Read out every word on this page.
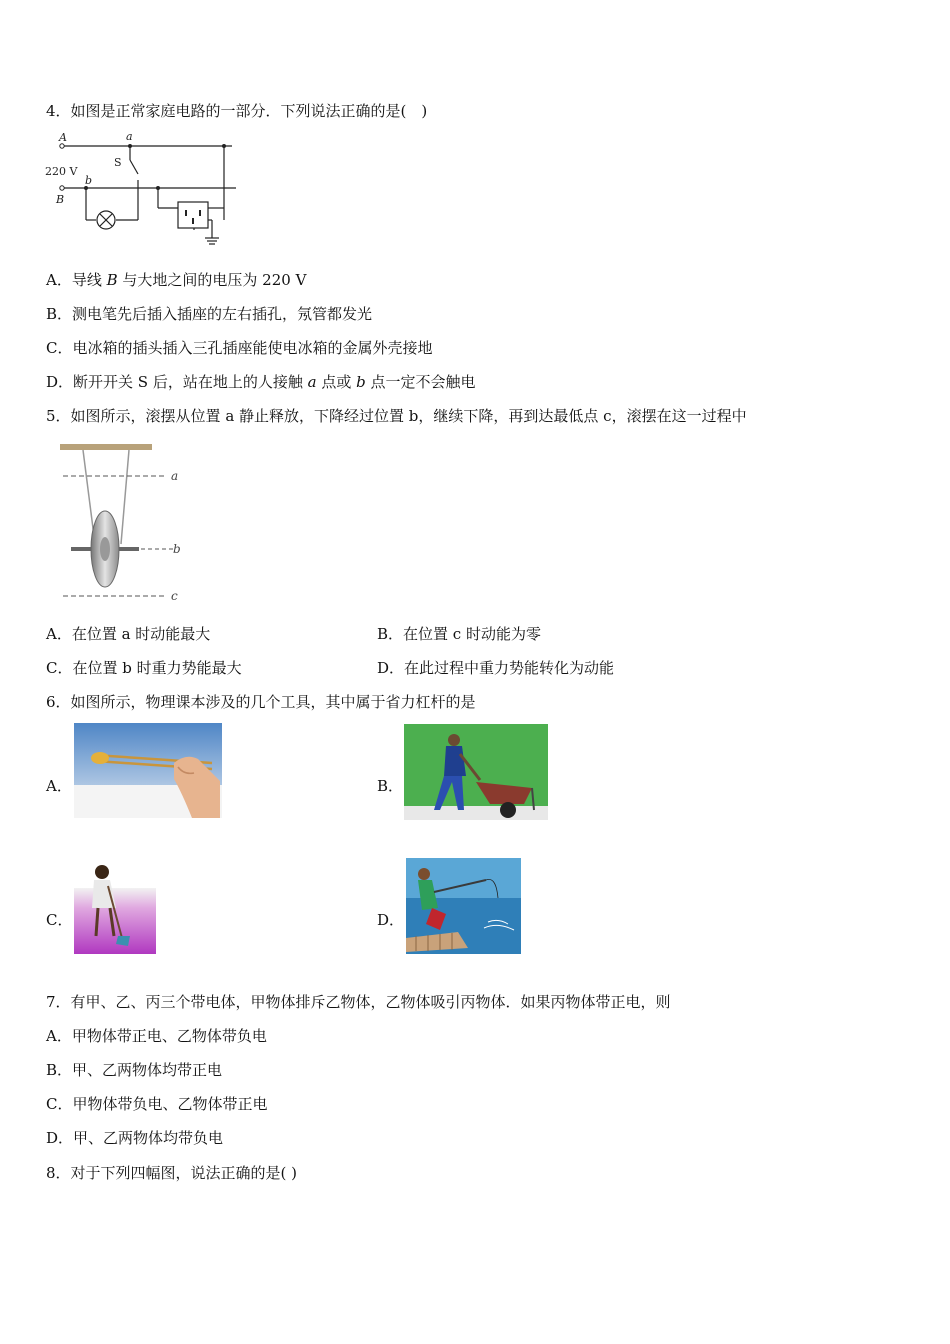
4．如图是正常家庭电路的一部分．下列说法正确的是(　)
A	a
S
220 V
b
B
A．导线 B 与大地之间的电压为 220 V
B．测电笔先后插入插座的左右插孔，氖管都发光
C．电冰箱的插头插入三孔插座能使电冰箱的金属外壳接地
D．断开开关 S 后，站在地上的人接触 a 点或 b 点一定不会触电
5．如图所示，滚摆从位置 a 静止释放，下降经过位置 b，继续下降，再到达最低点 c，滚摆在这一过程中
a
b
c
A．在位置 a 时动能最大	B．在位置 c 时动能为零
C．在位置 b 时重力势能最大	D．在此过程中重力势能转化为动能
6．如图所示，物理课本涉及的几个工具，其中属于省力杠杆的是
A．	B．
C．	D．
7．有甲、乙、丙三个带电体，甲物体排斥乙物体，乙物体吸引丙物体．如果丙物体带正电，则
A．甲物体带正电、乙物体带负电
B．甲、乙两物体均带正电
C．甲物体带负电、乙物体带正电
D．甲、乙两物体均带负电
8．对于下列四幅图，说法正确的是( )
